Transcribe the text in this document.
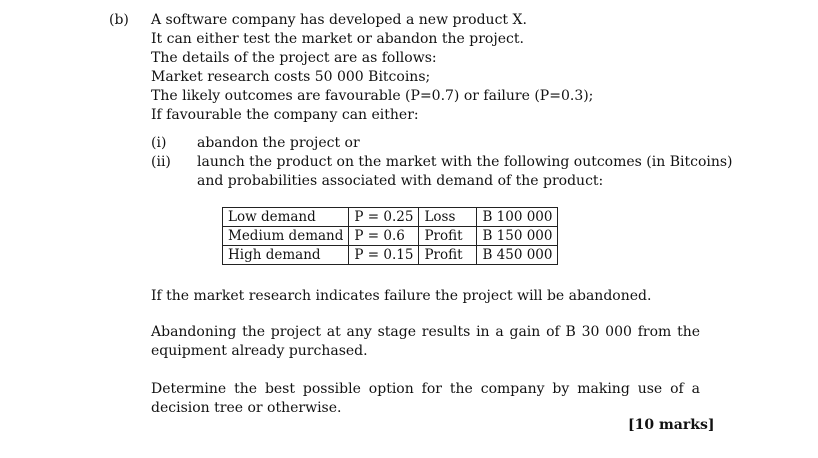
(b) A software company has developed a new product X.
It can either test the market or abandon the project.
The details of the project are as follows:
Market research costs 50 000 Bitcoins;
The likely outcomes are favourable (P=0.7) or failure (P=0.3);
If favourable the company can either:
(i) abandon the project or
(ii) launch the product on the market with the following outcomes (in Bitcoins)
and probabilities associated with demand of the product:
Low demand	P = 0.25	Loss	B 100 000
Medium demand	P = 0.6	Profit	B 150 000
High demand	P = 0.15	Profit	B 450 000
If the market research indicates failure the project will be abandoned.
Abandoning the project at any stage results in a gain of B 30 000 from the equipment already purchased.
Determine the best possible option for the company by making use of a decision tree or otherwise.
[10 marks]
